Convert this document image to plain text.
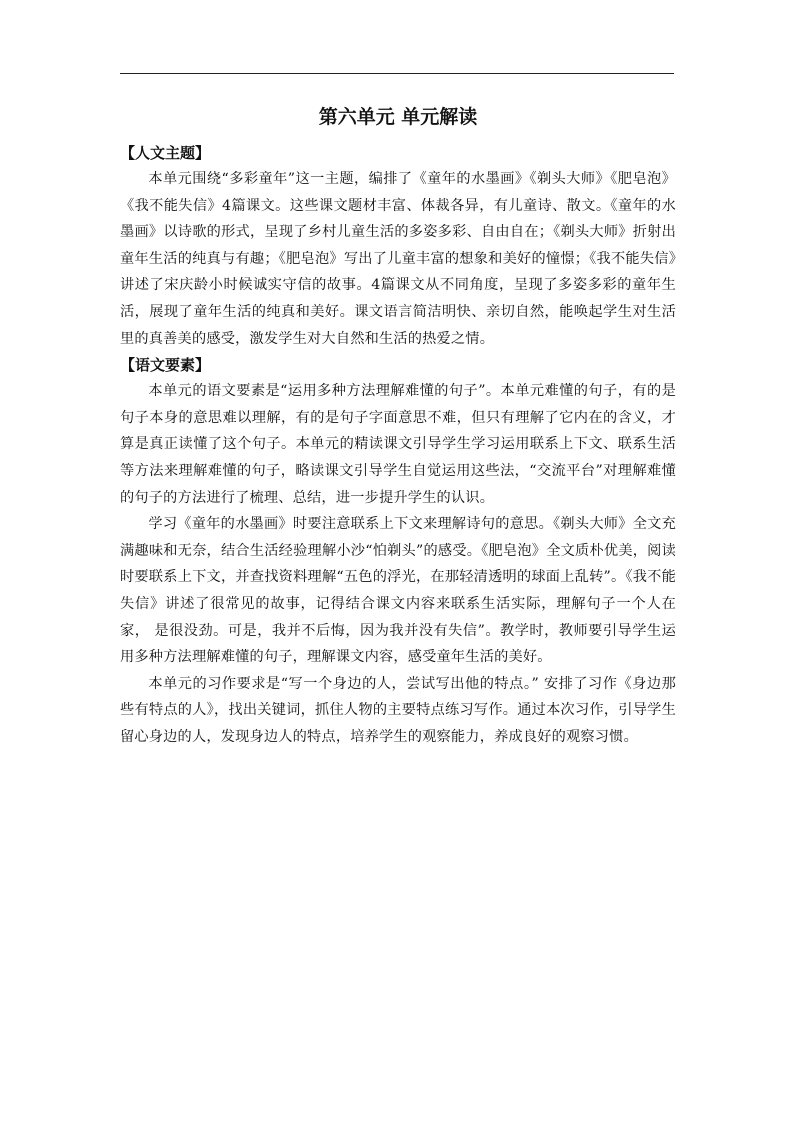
第六单元 单元解读

【人文主题】

本单元围绕“多彩童年”这一主题，编排了《童年的水墨画》《剃头大师》《肥皂泡》《我不能失信》4篇课文。这些课文题材丰富、体裁各异，有儿童诗、散文。《童年的水墨画》以诗歌的形式，呈现了乡村儿童生活的多姿多彩、自由自在；《剃头大师》折射出童年生活的纯真与有趣；《肥皂泡》写出了儿童丰富的想象和美好的憧憬；《我不能失信》讲述了宋庆龄小时候诚实守信的故事。4篇课文从不同角度，呈现了多姿多彩的童年生活，展现了童年生活的纯真和美好。课文语言简洁明快、亲切自然，能唤起学生对生活里的真善美的感受，激发学生对大自然和生活的热爱之情。

【语文要素】

本单元的语文要素是“运用多种方法理解难懂的句子”。本单元难懂的句子，有的是句子本身的意思难以理解，有的是句子字面意思不难，但只有理解了它内在的含义，才算是真正读懂了这个句子。本单元的精读课文引导学生学习运用联系上下文、联系生活等方法来理解难懂的句子，略读课文引导学生自觉运用这些法，“交流平台”对理解难懂的句子的方法进行了梳理、总结，进一步提升学生的认识。

学习《童年的水墨画》时要注意联系上下文来理解诗句的意思。《剃头大师》全文充满趣味和无奈，结合生活经验理解小沙“怕剃头”的感受。《肥皂泡》全文质朴优美，阅读时要联系上下文，并查找资料理解“五色的浮光，在那轻清透明的球面上乱转”。《我不能失信》讲述了很常见的故事，记得结合课文内容来联系生活实际，理解句子一个人在家， 是很没劲。可是，我并不后悔，因为我并没有失信”。教学时，教师要引导学生运用多种方法理解难懂的句子，理解课文内容，感受童年生活的美好。

本单元的习作要求是“写一个身边的人，尝试写出他的特点。” 安排了习作《身边那些有特点的人》，找出关键词，抓住人物的主要特点练习写作。通过本次习作，引导学生留心身边的人，发现身边人的特点，培养学生的观察能力，养成良好的观察习惯。
